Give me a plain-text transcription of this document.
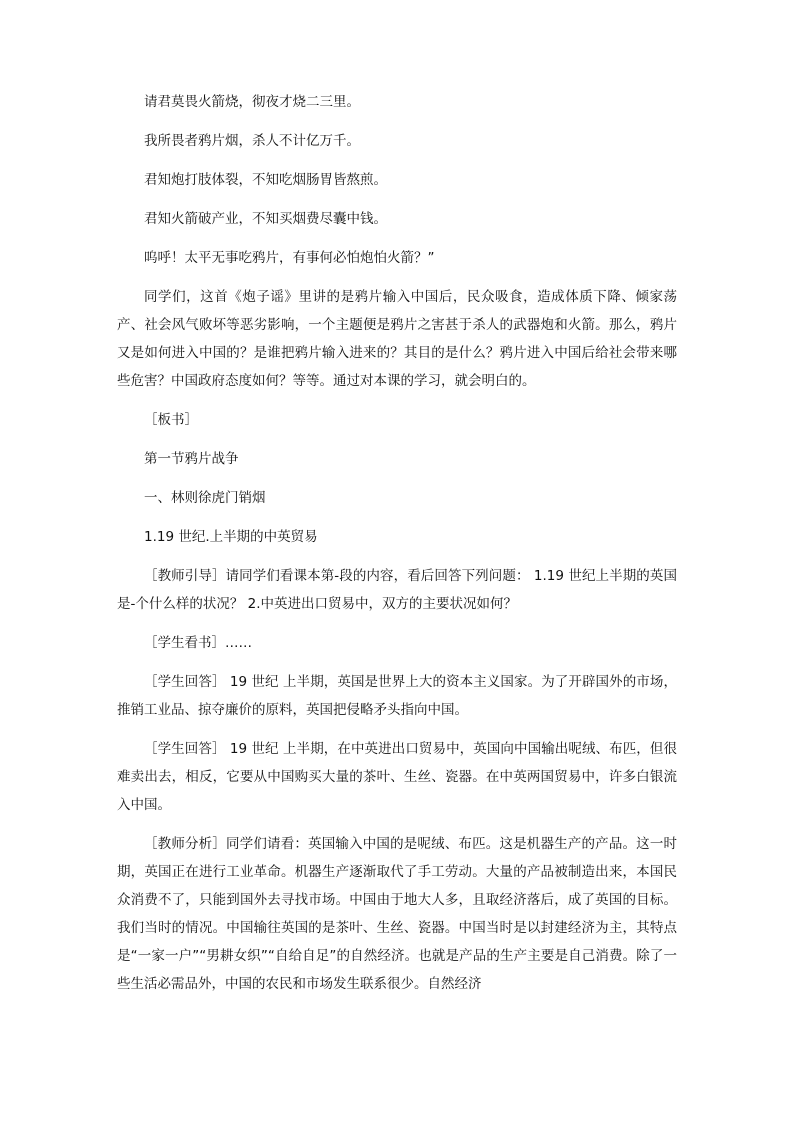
请君莫畏火箭烧，彻夜才烧二三里。

我所畏者鸦片烟，杀人不计亿万千。

君知炮打肢体裂，不知吃烟肠胃皆熬煎。

君知火箭破产业，不知买烟费尽囊中钱。

呜呼！太平无事吃鸦片，有事何必怕炮怕火箭？”

同学们，这首《炮子谣》里讲的是鸦片输入中国后，民众吸食，造成体质下降、倾家荡产、社会风气败坏等恶劣影响，一个主题便是鸦片之害甚于杀人的武器炮和火箭。那么，鸦片又是如何进入中国的？是谁把鸦片输入进来的？其目的是什么？鸦片进入中国后给社会带来哪些危害？中国政府态度如何？等等。通过对本课的学习，就会明白的。

［板书］

第一节鸦片战争

一、林则徐虎门销烟

1.19 世纪.上半期的中英贸易

［教师引导］请同学们看课本第-段的内容，看后回答下列问题： 1.19 世纪上半期的英国是-个什么样的状况？ 2.中英进出口贸易中，双方的主要状况如何？

［学生看书］……

［学生回答］ 19 世纪 上半期，英国是世界上大的资本主义国家。为了开辟国外的市场，推销工业品、掠夺廉价的原料，英国把侵略矛头指向中国。

［学生回答］ 19 世纪 上半期，在中英进出口贸易中，英国向中国输出呢绒、布匹，但很难卖出去，相反，它要从中国购买大量的茶叶、生丝、瓷器。在中英两国贸易中，许多白银流入中国。

［教师分析］同学们请看：英国输入中国的是呢绒、布匹。这是机器生产的产品。这一时期，英国正在进行工业革命。机器生产逐渐取代了手工劳动。大量的产品被制造出来，本国民众消费不了，只能到国外去寻找市场。中国由于地大人多，且取经济落后，成了英国的目标。我们当时的情况。中国输往英国的是茶叶、生丝、瓷器。中国当时是以封建经济为主，其特点是“一家一户”“男耕女织”“自给自足”的自然经济。也就是产品的生产主要是自己消费。除了一些生活必需品外，中国的农民和市场发生联系很少。自然经济
